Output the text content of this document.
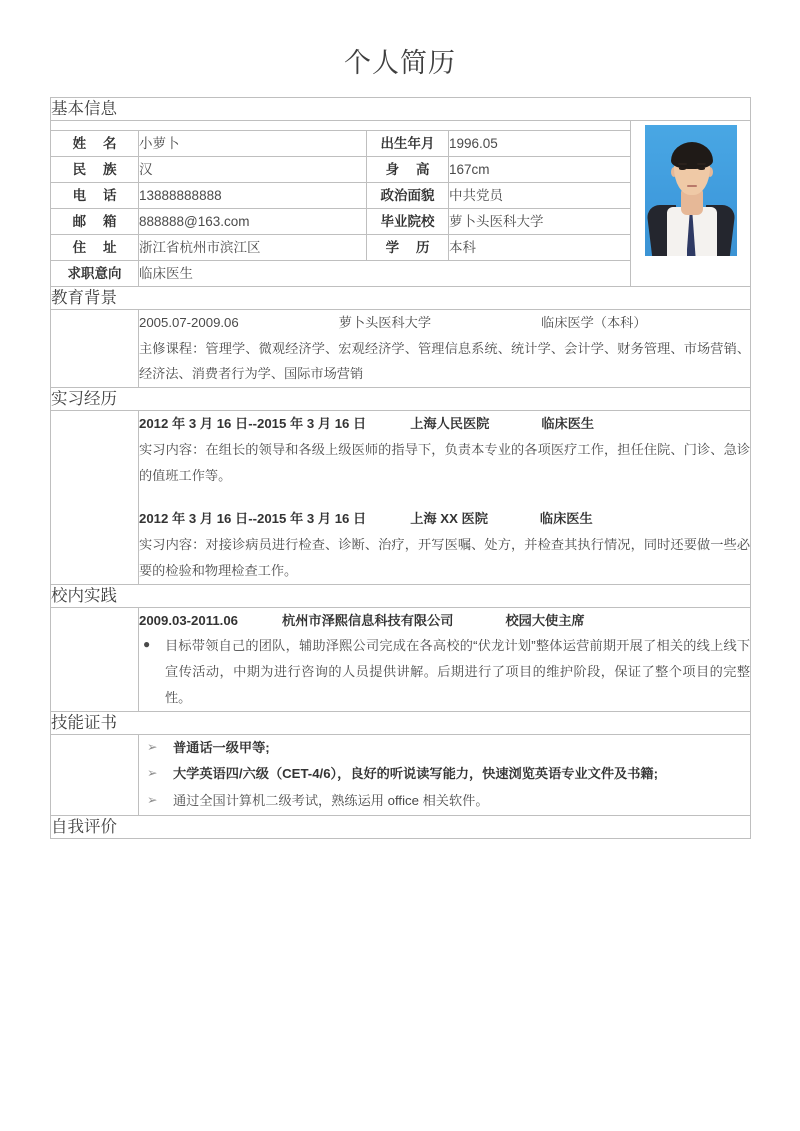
个人简历
基本信息				

姓 名	小萝卜	出生年月	1996.05	
民 族	汉	身 高	167cm	
电 话	13888888888	政治面貌	中共党员	
邮 箱	888888@163.com	毕业院校	萝卜头医科大学	
住 址	浙江省杭州市滨江区	学 历	本科	
求职意向	临床医生			
教育背景				

	2005.07-2009.06 萝卜头医科大学 临床医学（本科）
主修课程：管理学、微观经济学、宏观经济学、管理信息系统、统计学、会计学、财务管理、市场营销、经济法、消费者行为学、国际市场营销			

实习经历				

	2012 年 3 月 16 日--2015 年 3 月 16 日 上海人民医院 临床医生
实习内容：在组长的领导和各级上级医师的指导下，负责本专业的各项医疗工作，担任住院、门诊、急诊的值班工作等。
2012 年 3 月 16 日--2015 年 3 月 16 日 上海 XX 医院 临床医生
实习内容：对接诊病员进行检查、诊断、治疗，开写医嘱、处方，并检查其执行情况，同时还要做一些必要的检验和物理检查工作。			

校内实践				

2009.03-2011.06	杭州市泽熙信息科技有限公司	校园大使主席
● 目标带领自己的团队，辅助泽熙公司完成在各高校的“伏龙计划”整体运营前期开展了相关的线上线下宣传活动，中期为进行咨询的人员提供讲解。后期进行了项目的维护阶段，保证了整个项目的完整性。

技能证书				

➢ 普通话一级甲等;
➢ 大学英语四/六级（CET-4/6），良好的听说读写能力，快速浏览英语专业文件及书籍;
➢ 通过全国计算机二级考试，熟练运用 office 相关软件。

自我评价				
